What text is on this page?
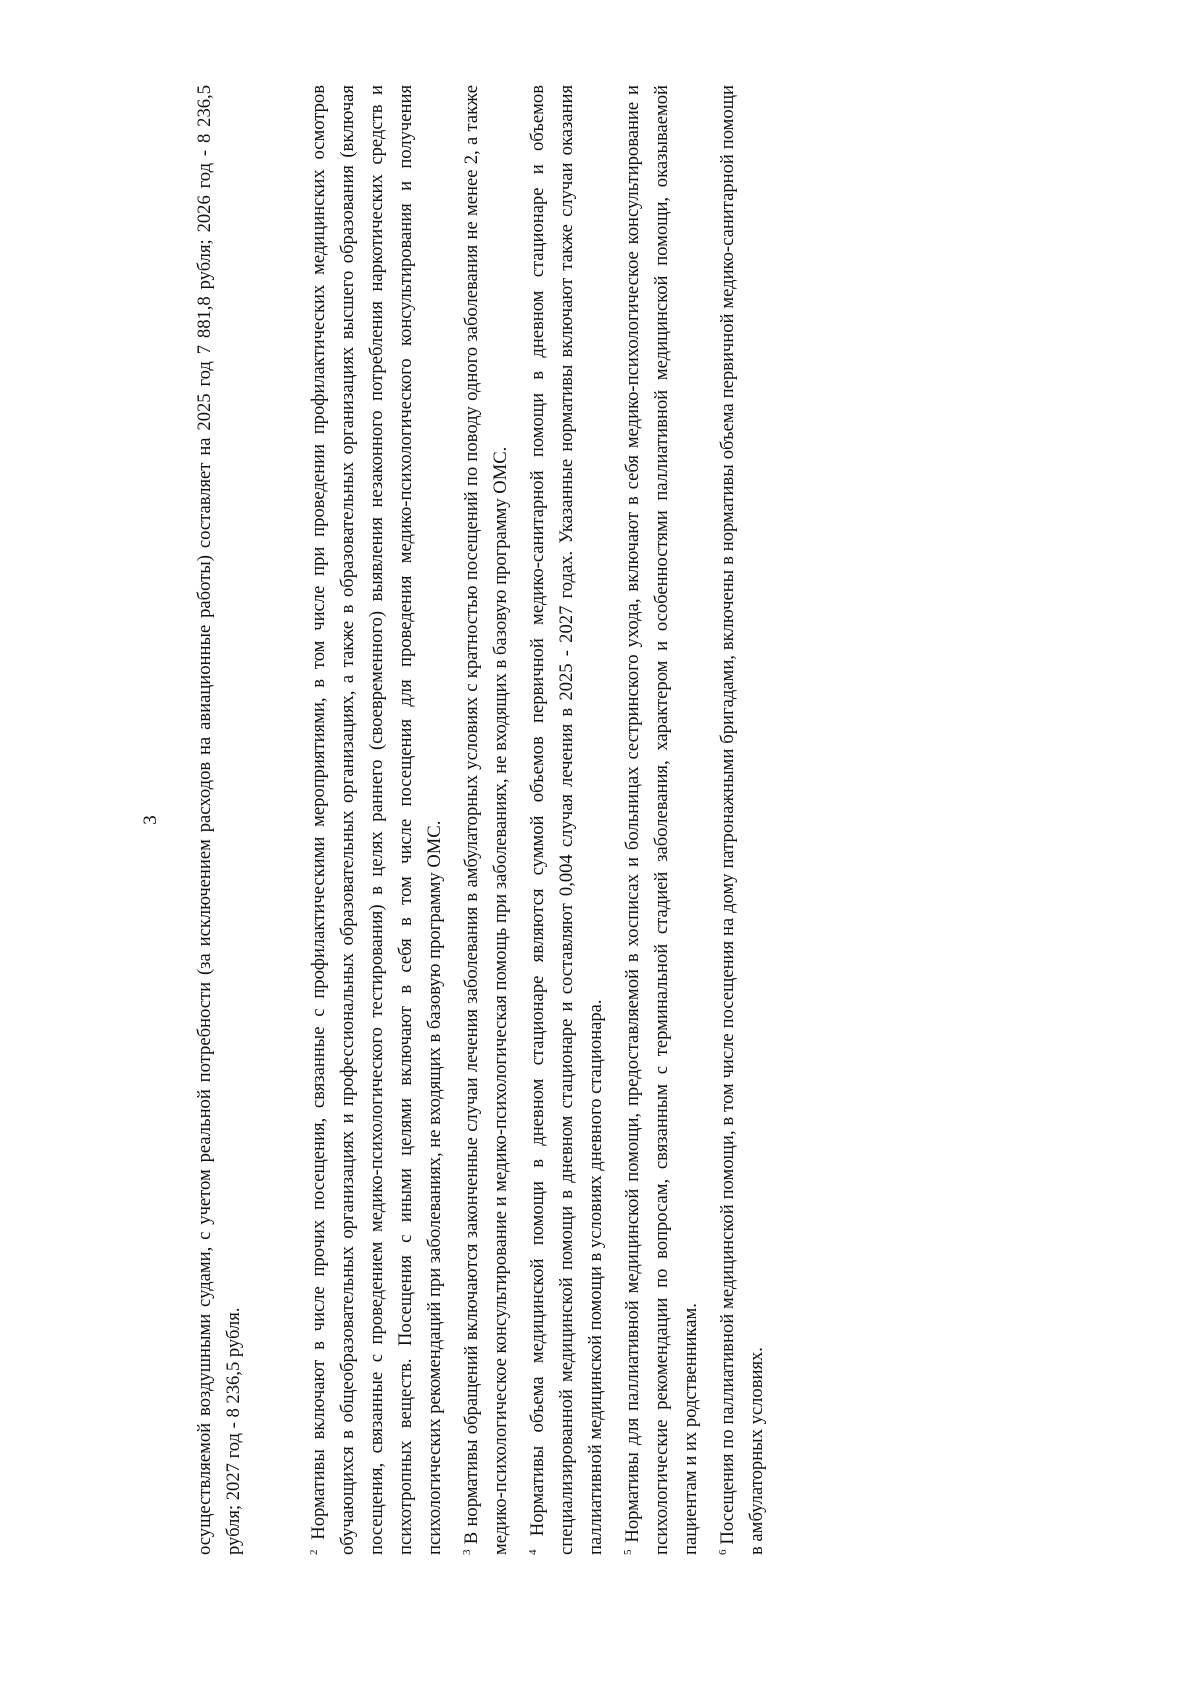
3 осуществляемой воздушными судами, с учетом реальной потребности (за исключением расходов на авиационные работы) составляет на 2025 год 7 881,8 рубля; 2026 год - 8 236,5 рубля; 2027 год - 8 236,5 рубля.	$^2$ Нормативы включают в числе прочих посещения, связанные с профилактическими мероприятиями, в том числе при проведении профилактических медицинских осмотров обучающихся в общеобразовательных организациях и профессиональных образовательных организациях, а также в образовательных организациях высшего образования (включая посещения, связанные с проведением медико-психологического тестирования) в целях раннего (своевременного) выявления незаконного потребления наркотических средств и психотропных веществ. Посещения с иными целями включают в себя в том числе посещения для проведения медико-психологического консультирования и получения психологических рекомендаций при заболеваниях, не входящих в базовую программу ОМС.	$^3$ В нормативы обращений включаются законченные случаи лечения заболевания в амбулаторных условиях с кратностью посещений по поводу одного заболевания не менее 2, а также медико-психологическое консультирование и медико-психологическая помощь при заболеваниях, не входящих в базовую программу ОМС.	$^4$ Нормативы объема медицинской помощи в дневном стационаре являются суммой объемов первичной медико-санитарной помощи в дневном стационаре и объемов специализированной медицинской помощи в дневном стационаре и составляют 0,004 случая лечения в 2025 - 2027 годах. Указанные нормативы включают также случаи оказания паллиативной медицинской помощи в условиях дневного стационара.	$^5$ Нормативы для паллиативной медицинской помощи, предоставляемой в хосписах и больницах сестринского ухода, включают в себя медико-психологическое консультирование и психологические рекомендации по вопросам, связанным с терминальной стадией заболевания, характером и особенностями паллиативной медицинской помощи, оказываемой пациентам и их родственникам.	$^6$ Посещения по паллиативной медицинской помощи, в том числе посещения на дому патронажными бригадами, включены в нормативы объема первичной медико-санитарной помощи в амбулаторных условиях.
